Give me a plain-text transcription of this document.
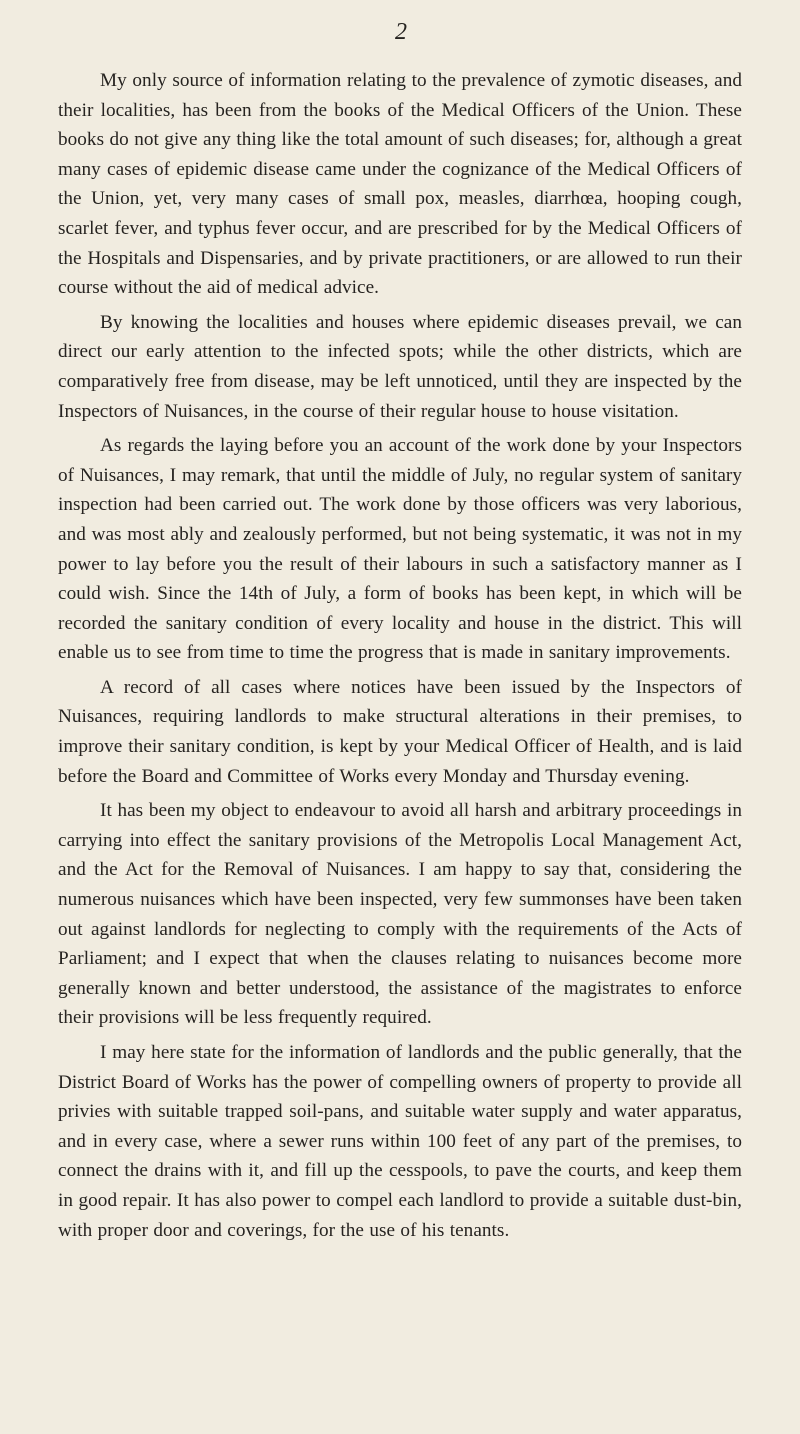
2

My only source of information relating to the prevalence of zymotic diseases, and their localities, has been from the books of the Medical Officers of the Union. These books do not give any thing like the total amount of such diseases; for, although a great many cases of epidemic disease came under the cognizance of the Medical Officers of the Union, yet, very many cases of small pox, measles, diarrhœa, hooping cough, scarlet fever, and typhus fever occur, and are prescribed for by the Medical Officers of the Hospitals and Dispensaries, and by private practitioners, or are allowed to run their course without the aid of medical advice.

By knowing the localities and houses where epidemic diseases prevail, we can direct our early attention to the infected spots; while the other districts, which are comparatively free from disease, may be left unnoticed, until they are inspected by the Inspectors of Nuisances, in the course of their regular house to house visitation.

As regards the laying before you an account of the work done by your Inspectors of Nuisances, I may remark, that until the middle of July, no regular system of sanitary inspection had been carried out. The work done by those officers was very laborious, and was most ably and zealously performed, but not being systematic, it was not in my power to lay before you the result of their labours in such a satisfactory manner as I could wish. Since the 14th of July, a form of books has been kept, in which will be recorded the sanitary condition of every locality and house in the district. This will enable us to see from time to time the progress that is made in sanitary improvements.

A record of all cases where notices have been issued by the Inspectors of Nuisances, requiring landlords to make structural alterations in their premises, to improve their sanitary condition, is kept by your Medical Officer of Health, and is laid before the Board and Committee of Works every Monday and Thursday evening.

It has been my object to endeavour to avoid all harsh and arbitrary proceedings in carrying into effect the sanitary provisions of the Metropolis Local Management Act, and the Act for the Removal of Nuisances. I am happy to say that, considering the numerous nuisances which have been inspected, very few summonses have been taken out against landlords for neglecting to comply with the requirements of the Acts of Parliament; and I expect that when the clauses relating to nuisances become more generally known and better understood, the assistance of the magistrates to enforce their provisions will be less frequently required.

I may here state for the information of landlords and the public generally, that the District Board of Works has the power of compelling owners of property to provide all privies with suitable trapped soil-pans, and suitable water supply and water apparatus, and in every case, where a sewer runs within 100 feet of any part of the premises, to connect the drains with it, and fill up the cesspools, to pave the courts, and keep them in good repair. It has also power to compel each landlord to provide a suitable dust-bin, with proper door and coverings, for the use of his tenants.
